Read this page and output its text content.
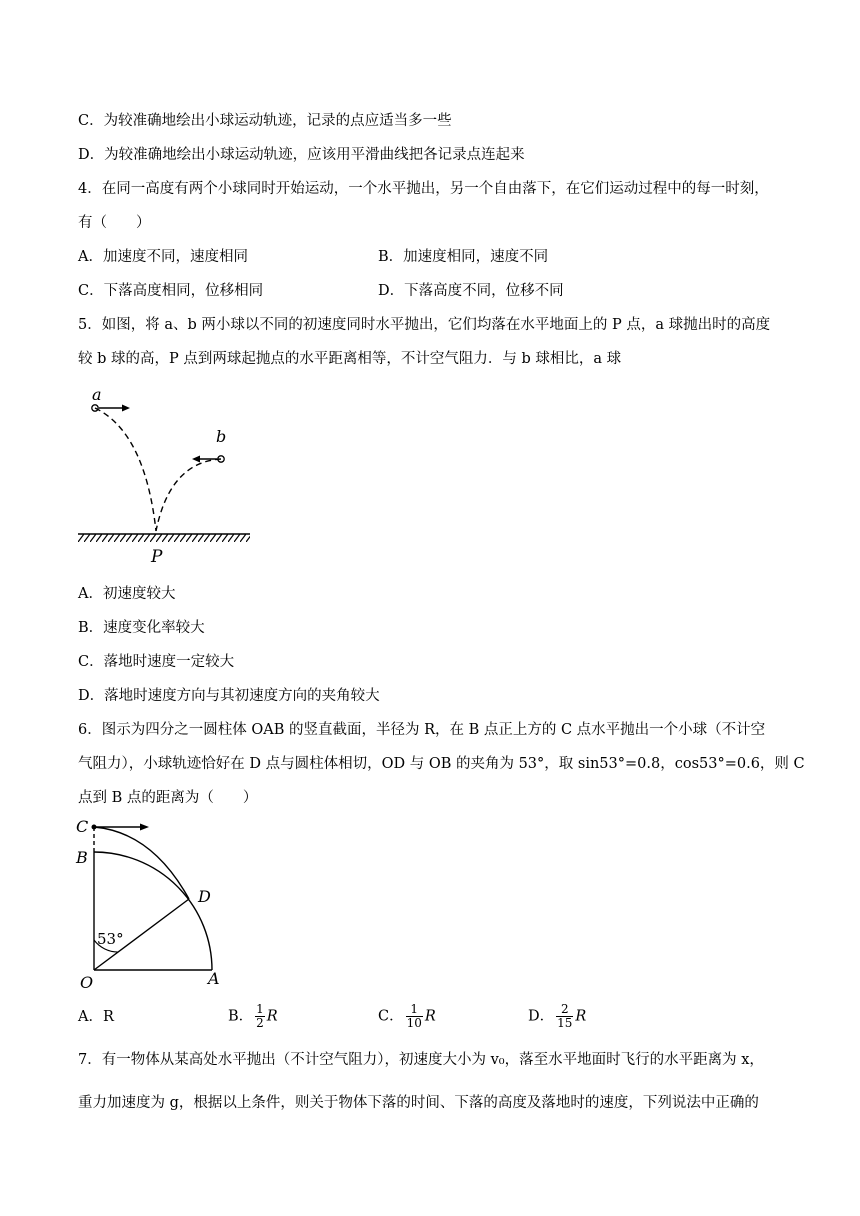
C．为较准确地绘出小球运动轨迹，记录的点应适当多一些
D．为较准确地绘出小球运动轨迹，应该用平滑曲线把各记录点连起来
4．在同一高度有两个小球同时开始运动，一个水平抛出，另一个自由落下，在它们运动过程中的每一时刻，
有（　　）
A．加速度不同，速度相同	B．加速度相同，速度不同
C．下落高度相同，位移相同	D．下落高度不同，位移不同
5．如图，将 a、b 两小球以不同的初速度同时水平抛出，它们均落在水平地面上的 P 点，a 球抛出时的高度
较 b 球的高，P 点到两球起抛点的水平距离相等，不计空气阻力．与 b 球相比，a 球
a
b
P
A．初速度较大
B．速度变化率较大
C．落地时速度一定较大
D．落地时速度方向与其初速度方向的夹角较大
6．图示为四分之一圆柱体 OAB 的竖直截面，半径为 R，在 B 点正上方的 C 点水平抛出一个小球（不计空
气阻力），小球轨迹恰好在 D 点与圆柱体相切，OD 与 OB 的夹角为 53°，取 sin53°=0.8，cos53°=0.6，则 C
点到 B 点的距离为（　　）
C
B
D
O	A
53°
A．R	B． $\frac{1}{2}$ R	C． $\frac{1}{10}$ R	D． $\frac{2}{15}$ R
7．有一物体从某高处水平抛出（不计空气阻力），初速度大小为 v₀，落至水平地面时飞行的水平距离为 x，
重力加速度为 g，根据以上条件，则关于物体下落的时间、下落的高度及落地时的速度，下列说法中正确的
